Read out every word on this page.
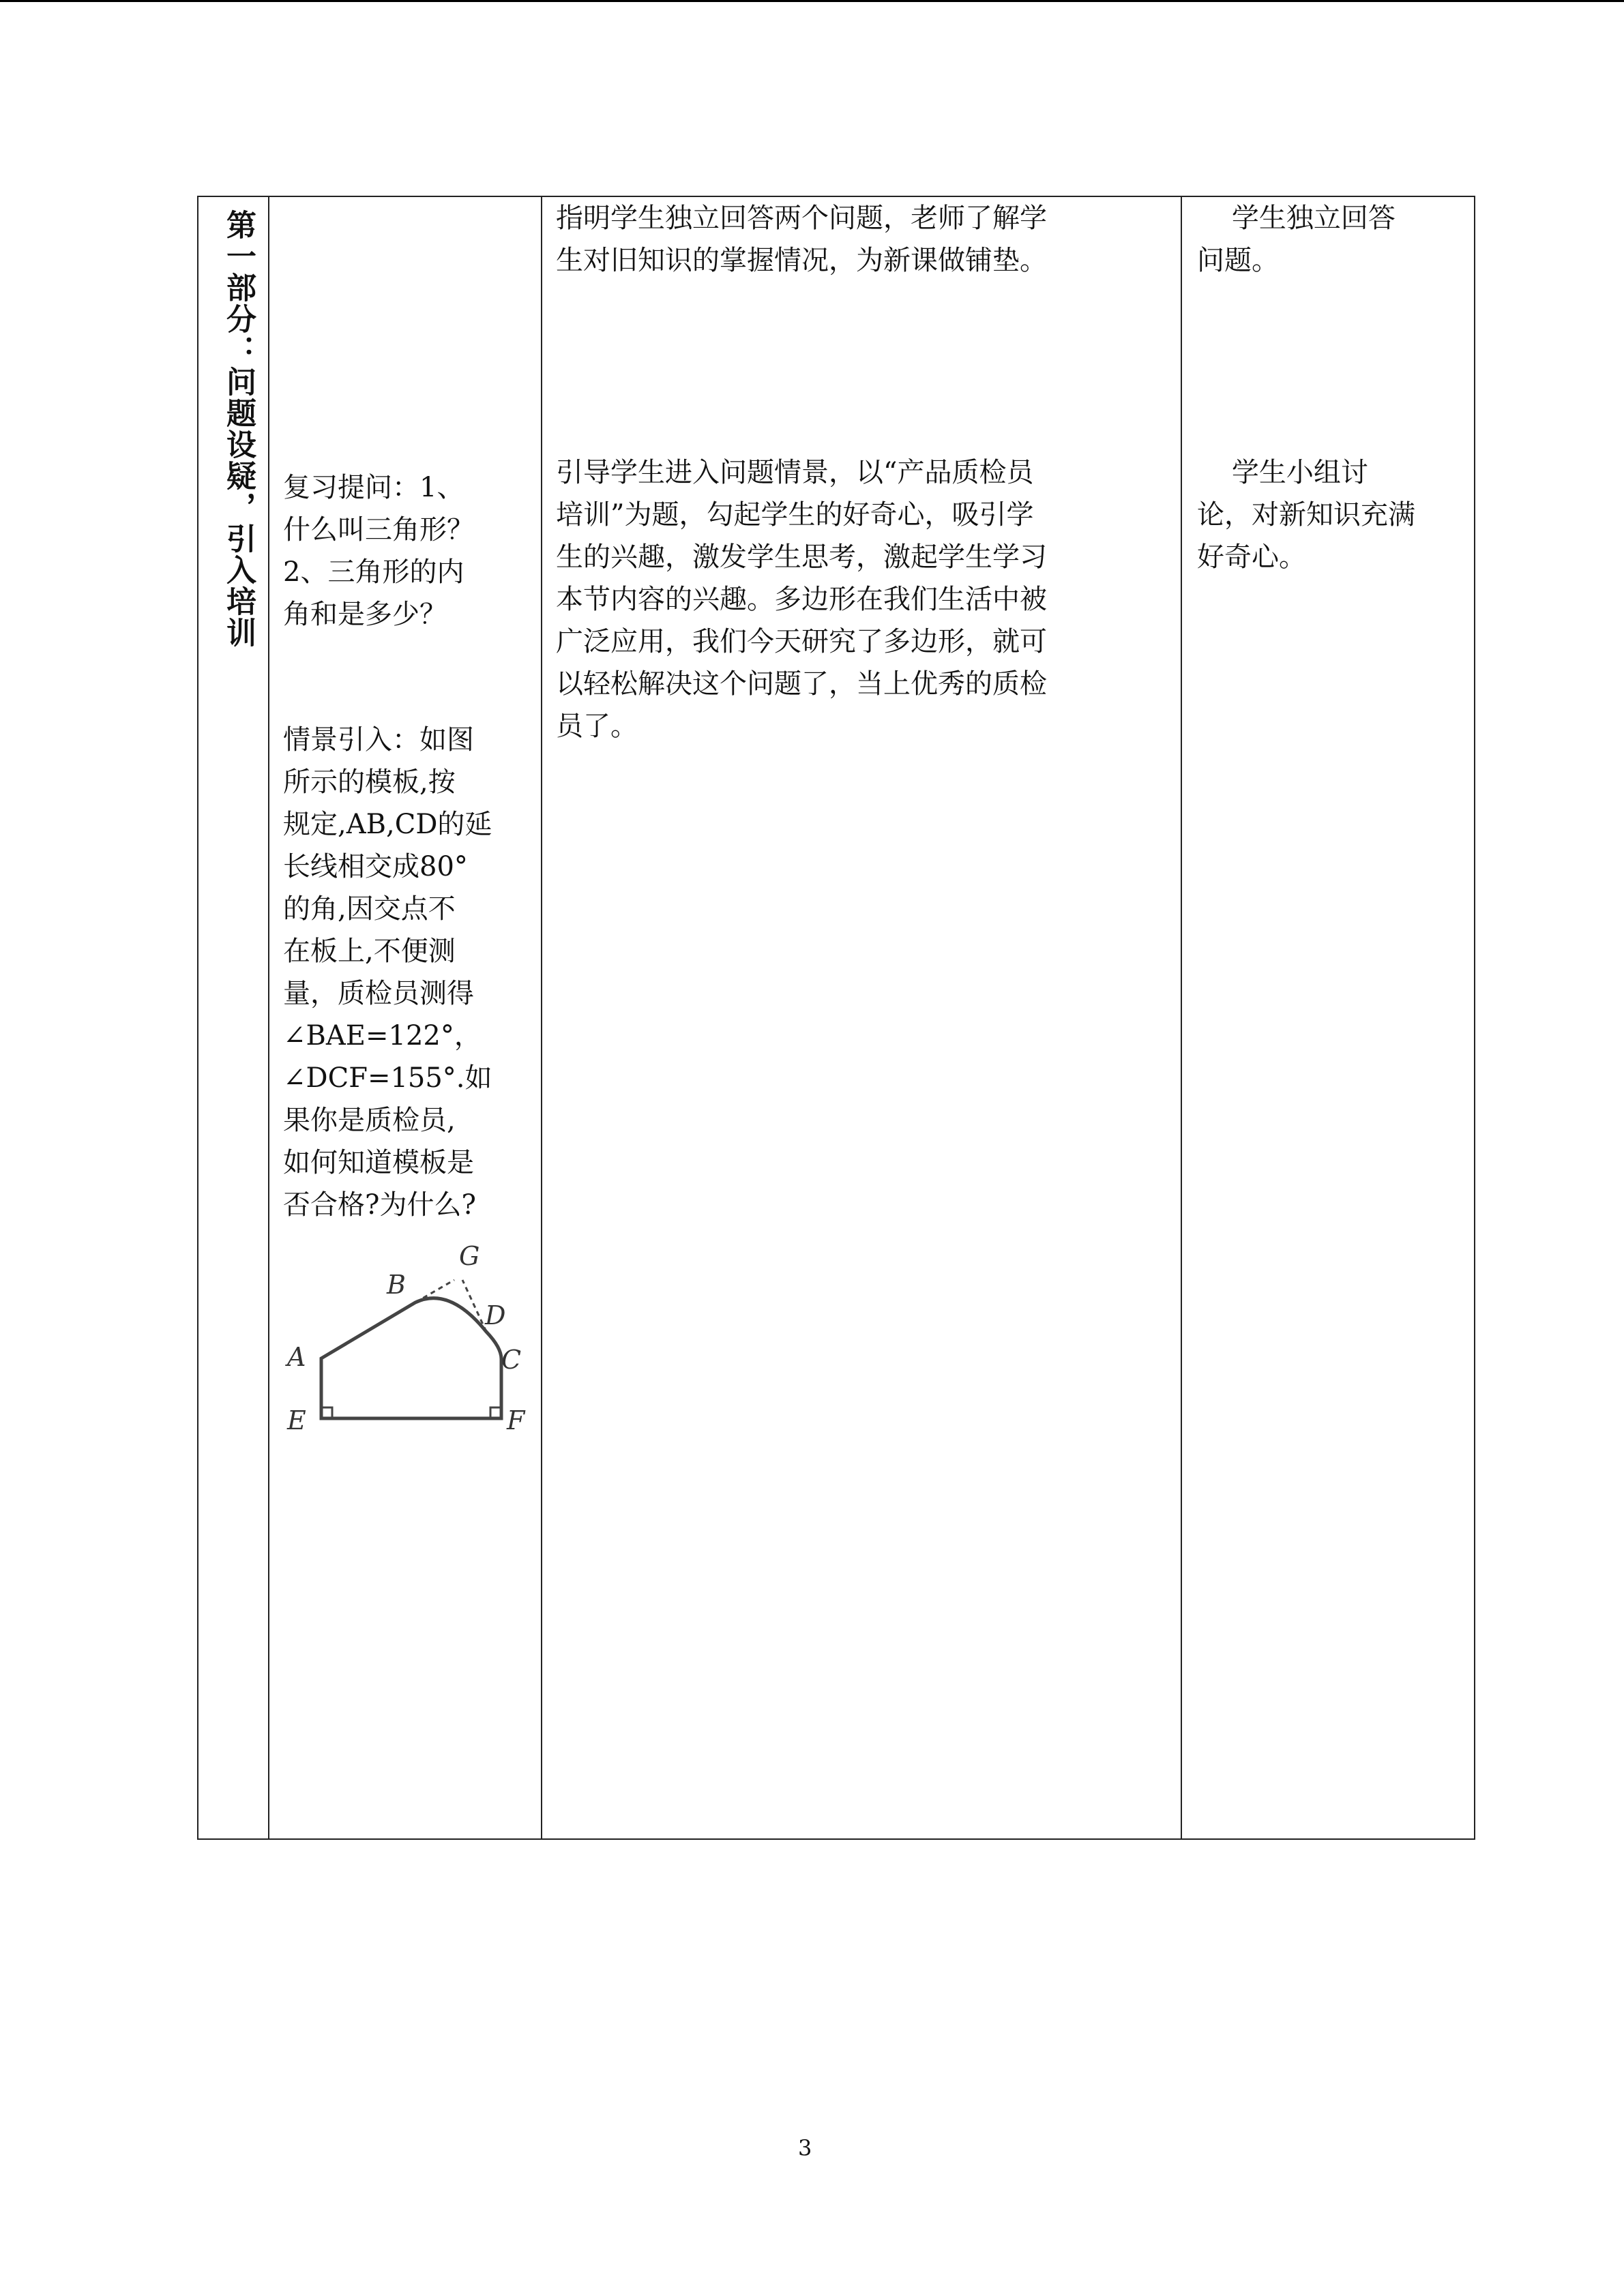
第一部分：问题设疑，引入培训 复习提问：1、
什么叫三角形？
2、三角形的内
角和是多少？
情景引入：如图
所示的模板,按
规定,AB,CD的延
长线相交成80°
的角,因交点不
在板上,不便测
量，质检员测得
∠BAE=122°，
∠DCF=155°.如
果你是质检员,
如何知道模板是
否合格?为什么?
A
B
C
D
E	F
G
指明学生独立回答两个问题，老师了解学
生对旧知识的掌握情况，为新课做铺垫。
引导学生进入问题情景，以“产品质检员
培训”为题，勾起学生的好奇心，吸引学
生的兴趣，激发学生思考，激起学生学习
本节内容的兴趣。多边形在我们生活中被
广泛应用，我们今天研究了多边形，就可
以轻松解决这个问题了，当上优秀的质检
员了。
学生独立回答
问题。
学生小组讨
论，对新知识充满
好奇心。
3
